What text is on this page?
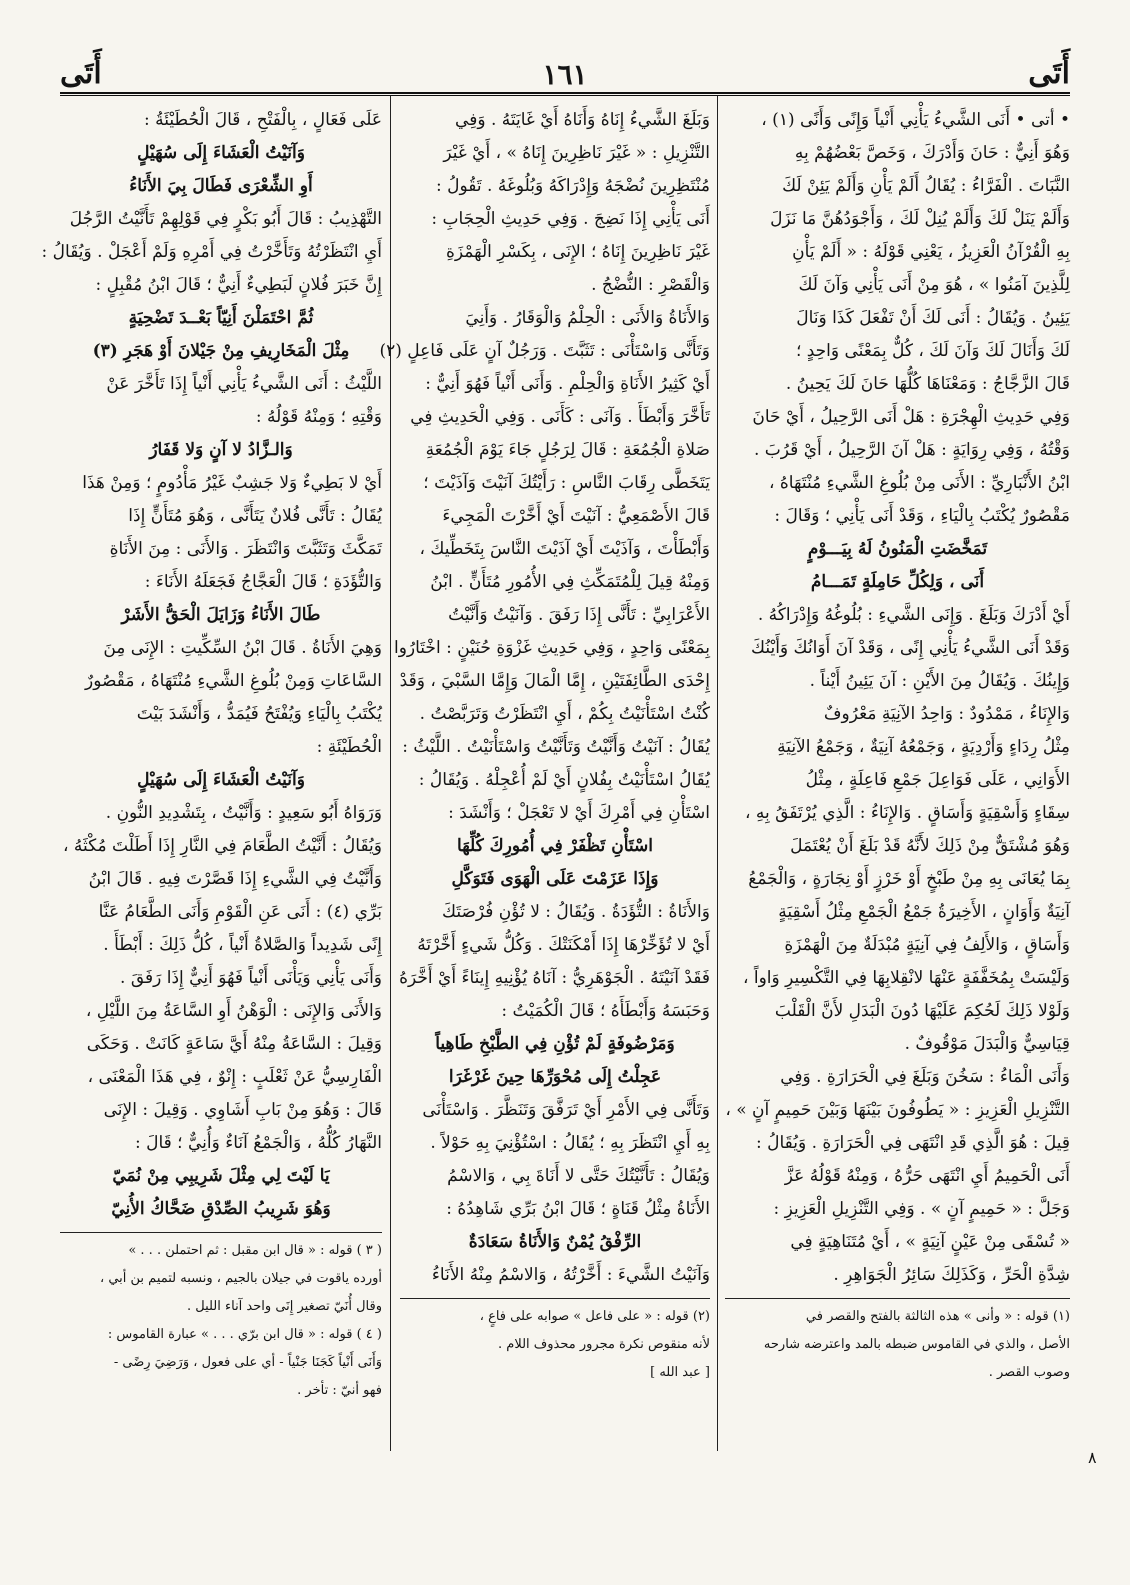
أَتَى
١٦١
أَتَى
• أتى • أَنَى الشَّيءُ يَأْنِي أَنْياً وَإِنًى وَأَنًى (١) ،
وَهُوَ أَنِيٌّ : حَانَ وَأَدْرَكَ ، وَخَصَّ بَعْضُهُمْ بِهِ
النَّبَاتَ . الْفَرَّاءُ : يُقَالُ أَلَمْ يَأْنِ وَأَلَمْ يَئِنْ لَكَ
وَأَلَمْ يَنَلْ لَكَ وَأَلَمْ يُنِلْ لَكَ ، وَأَجْوَدُهُنَّ مَا نَزَلَ
بِهِ الْقُرْآنُ الْعَزِيزُ ، يَعْنِي قَوْلَهُ : « أَلَمْ يَأْنِ
لِلَّذِينَ آمَنُوا » ، هُوَ مِنْ أَنَى يَأْنِي وَآنَ لَكَ
يَئِينُ . وَيُقَالُ : أَنَى لَكَ أَنْ تَفْعَلَ كَذَا وَنَالَ
لَكَ وَأَنَالَ لَكَ وَآنَ لَكَ ، كُلٌّ بِمَعْنًى وَاحِدٍ ؛
قَالَ الزَّجَّاجُ : وَمَعْنَاهَا كُلُّهَا حَانَ لَكَ يَحِينُ .
وَفِي حَدِيثِ الْهِجْرَةِ : هَلْ أَنَى الرَّحِيلُ ، أَيْ حَانَ
وَقْتُهُ ، وَفِي رِوَايَةٍ : هَلْ آنَ الرَّحِيلُ ، أَيْ قَرُبَ .
ابْنُ الأَنْبَارِيِّ : الأَنَى مِنْ بُلُوغِ الشَّيءِ مُنْتَهَاهُ ،
مَقْصُورٌ يُكْتَبُ بِالْيَاءِ ، وَقَدْ أَنَى يَأْنِي ؛ وَقَالَ :
تَمَخَّضَتِ الْمَنُونُ لَهُ بِيَـــوْمٍ
أَنَى ، وَلِكُلِّ حَامِلَةٍ تَمَـــامُ
أَيْ أَدْرَكَ وَبَلَغَ . وَإِنَى الشَّيءِ : بُلُوغُهُ وَإِدْرَاكُهُ .
وَقَدْ أَنَى الشَّيءُ يَأْنِي إِنًى ، وَقَدْ آنَ أَوَانُكَ وَأَيْنُكَ
وَإِينُكَ . وَيُقَالُ مِنَ الأَيْنِ : آنَ يَئِينُ أَيْناً .
وَالإِنَاءُ ، مَمْدُودٌ : وَاحِدُ الآنِيَةِ مَعْرُوفٌ
مِثْلُ رِدَاءٍ وَأَرْدِيَةٍ ، وَجَمْعُهُ آنِيَةٌ ، وَجَمْعُ الآنِيَةِ
الأَوَانِي ، عَلَى فَوَاعِلَ جَمْعِ فَاعِلَةٍ ، مِثْلُ
سِقَاءٍ وَأَسْقِيَةٍ وَأَسَاقٍ . وَالإِنَاءُ : الَّذِي يُرْتَفَقُ بِهِ ،
وَهُوَ مُشْتَقٌّ مِنْ ذَلِكَ لأَنَّهُ قَدْ بَلَغَ أَنْ يُعْتَمَلَ
بِمَا يُعَانَى بِهِ مِنْ طَبْخٍ أَوْ خَرْزٍ أَوْ نِجَارَةٍ ، وَالْجَمْعُ
آنِيَةٌ وَأَوَانٍ ، الأَخِيرَةُ جَمْعُ الْجَمْعِ مِثْلُ أَسْقِيَةٍ
وَأَسَاقٍ ، وَالأَلِفُ فِي آنِيَةٍ مُبْدَلَةٌ مِنَ الْهَمْزَةِ
وَلَيْسَتْ بِمُخَفَّفَةٍ عَنْهَا لانْقِلابِهَا فِي التَّكْسِيرِ وَاواً ،
وَلَوْلا ذَلِكَ لَحُكِمَ عَلَيْهَا دُونَ الْبَدَلِ لأَنَّ الْقَلْبَ
قِيَاسِيٌّ وَالْبَدَلَ مَوْقُوفٌ .
وَأَنَى الْمَاءُ : سَخُنَ وَبَلَغَ فِي الْحَرَارَةِ . وَفِي
التَّنْزِيلِ الْعَزِيزِ : « يَطُوفُونَ بَيْنَهَا وَبَيْنَ حَمِيمٍ آنٍ » ،
قِيلَ : هُوَ الَّذِي قَدِ انْتَهَى فِي الْحَرَارَةِ . وَيُقَالُ :
أَنَى الْحَمِيمُ أَيِ انْتَهَى حَرُّهُ ، وَمِنْهُ قَوْلُهُ عَزَّ
وَجَلَّ : « حَمِيمٍ آنٍ » . وَفِي التَّنْزِيلِ الْعَزِيزِ :
« تُسْقَى مِنْ عَيْنٍ آنِيَةٍ » ، أَيْ مُتَنَاهِيَةٍ فِي
شِدَّةِ الْحَرِّ ، وَكَذَلِكَ سَائِرُ الْجَوَاهِرِ .
(١) قوله : « وأنى » هذه الثالثة بالفتح والقصر في
الأصل ، والذي في القاموس ضبطه بالمد واعترضه شارحه
وصوب القصر .
وَبَلَغَ الشَّيءُ إِنَاهُ وَأَنَاهُ أَيْ غَايَتَهُ . وَفِي
التَّنْزِيلِ : « غَيْرَ نَاظِرِينَ إِنَاهُ » ، أَيْ غَيْرَ
مُنْتَظِرِينَ نُضْجَهُ وَإِدْرَاكَهُ وَبُلُوغَهُ . تَقُولُ :
أَنَى يَأْنِي إِذَا نَضِجَ . وَفِي حَدِيثِ الْحِجَابِ :
غَيْرَ نَاظِرِينَ إِنَاهُ ؛ الإِنَى ، بِكَسْرِ الْهَمْزَةِ
وَالْقَصْرِ : النُّضْجُ .
وَالأَنَاةُ وَالأَنَى : الْحِلْمُ وَالْوَقَارُ . وَأَنِيَ
وَتَأَنَّى وَاسْتَأْنَى : تَثَبَّتَ . وَرَجُلٌ آنٍ عَلَى فَاعِلٍ (٢)
أَيْ كَثِيرُ الأَنَاةِ وَالْحِلْمِ . وَأَنَى أَنْياً فَهُوَ أَنِيٌّ :
تَأَخَّرَ وَأَبْطَأَ . وَآنَى : كَأَنَى . وَفِي الْحَدِيثِ فِي
صَلاةِ الْجُمُعَةِ : قَالَ لِرَجُلٍ جَاءَ يَوْمَ الْجُمُعَةِ
يَتَخَطَّى رِقَابَ النَّاسِ : رَأَيْتُكَ آنَيْتَ وَآذَيْتَ ؛
قَالَ الأَصْمَعِيُّ : آنَيْتَ أَيْ أَخَّرْتَ الْمَجِيءَ
وَأَبْطَأْتَ ، وَآذَيْتَ أَيْ آذَيْتَ النَّاسَ بِتَخَطِّيكَ ،
وَمِنْهُ قِيلَ لِلْمُتَمَكِّثِ فِي الأُمُورِ مُتَأَنٍّ . ابْنُ
الأَعْرَابِيِّ : تَأَنَّى إِذَا رَفَقَ . وَآنَيْتُ وَأَنَّيْتُ
بِمَعْنًى وَاحِدٍ ، وَفِي حَدِيثِ غَزْوَةِ حُنَيْنٍ : اخْتَارُوا
إِحْدَى الطَّائِفَتَيْنِ ، إِمَّا الْمَالَ وَإِمَّا السَّبْيَ ، وَقَدْ
كُنْتُ اسْتَأْنَيْتُ بِكُمْ ، أَيِ انْتَظَرْتُ وَتَرَبَّصْتُ .
يُقَالُ : آنَيْتُ وَأَنَّيْتُ وَتَأَنَّيْتُ وَاسْتَأْنَيْتُ . اللَّيْثُ :
يُقَالُ اسْتَأْنَيْتُ بِفُلانٍ أَيْ لَمْ أُعْجِلْهُ . وَيُقَالُ :
اسْتَأْنِ فِي أَمْرِكَ أَيْ لا تَعْجَلْ ؛ وَأَنْشَدَ :
اسْتَأْنِ تَظْفَرْ فِي أُمُورِكَ كُلِّهَا
وَإِذَا عَزَمْتَ عَلَى الْهَوَى فَتَوَكَّلِ
وَالأَنَاةُ : التُّؤَدَةُ . وَيُقَالُ : لا تُؤْنِ فُرْصَتَكَ
أَيْ لا تُؤَخِّرْهَا إِذَا أَمْكَنَتْكَ . وَكُلُّ شَيءٍ أَخَّرْتَهُ
فَقَدْ آنَيْتَهُ . الْجَوْهَرِيُّ : آنَاهُ يُؤْنِيهِ إِينَاءً أَيْ أَخَّرَهُ
وَحَبَسَهُ وَأَبْطَأَهُ ؛ قَالَ الْكُمَيْتُ :
وَمَرْضُوفَةٍ لَمْ تُؤْنِ فِي الطَّبْخِ طَاهِياً
عَجِلْتُ إِلَى مُحْوَرِّهَا حِينَ غَرْغَرَا
وَتَأَنَّى فِي الأَمْرِ أَيْ تَرَفَّقَ وَتَنَظَّرَ . وَاسْتَأْنَى
بِهِ أَيِ انْتَظَرَ بِهِ ؛ يُقَالُ : اسْتُؤْنِيَ بِهِ حَوْلاً .
وَيُقَالُ : تَأَنَّيْتُكَ حَتَّى لا أَنَاةَ بِي ، وَالاسْمُ
الأَنَاةُ مِثْلُ قَنَاةٍ ؛ قَالَ ابْنُ بَرِّي شَاهِدُهُ :
الرِّفْقُ يُمْنٌ وَالأَنَاةُ سَعَادَةٌ
وَآنَيْتُ الشَّيءَ : أَخَّرْتُهُ ، وَالاسْمُ مِنْهُ الأَنَاءُ
(٢) قوله : « على فاعل » صوابه على فاعٍ ،
لأنه منقوص نكرة مجرور محذوف اللام .
[ عبد الله ]
عَلَى فَعَالٍ ، بِالْفَتْحِ ، قَالَ الْحُطَيْئَةُ :
وَآنَيْتُ الْعَشَاءَ إِلَى سُهَيْلٍ
أَوِ الشِّعْرَى فَطَالَ بِيَ الأَنَاءُ
التَّهْذِيبُ : قَالَ أَبُو بَكْرٍ فِي قَوْلِهِمْ تَأَنَّيْتُ الرَّجُلَ
أَيِ انْتَظَرْتُهُ وَتَأَخَّرْتُ فِي أَمْرِهِ وَلَمْ أَعْجَلْ . وَيُقَالُ :
إِنَّ خَبَرَ فُلانٍ لَبَطِيءٌ أَنِيٌّ ؛ قَالَ ابْنُ مُقْبِلٍ :
ثُمَّ احْتَمَلْنَ أَنِيّاً بَعْــدَ تَضْحِيَةٍ
مِثْلَ الْمَخَارِيفِ مِنْ جَيْلانَ أَوْ هَجَرِ (٣)
اللَّيْثُ : أَنَى الشَّيءُ يَأْنِي أَنْياً إِذَا تَأَخَّرَ عَنْ
وَقْتِهِ ؛ وَمِنْهُ قَوْلُهُ :
وَالـزَّادُ لا آنٍ وَلا قَفَارُ
أَيْ لا بَطِيءٌ وَلا جَشِبٌ غَيْرُ مَأْدُومٍ ؛ وَمِنْ هَذَا
يُقَالُ : تَأَنَّى فُلانٌ يَتَأَنَّى ، وَهُوَ مُتَأَنٍّ إِذَا
تَمَكَّثَ وَتَثَبَّتَ وَانْتَظَرَ . وَالأَنَى : مِنَ الأَنَاةِ
وَالتُّؤَدَةِ ؛ قَالَ الْعَجَّاجُ فَجَعَلَهُ الأَنَاءَ :
طَالَ الأَنَاءُ وَزَايَلَ الْحَقُّ الأَشَرْ
وَهِيَ الأَنَاةُ . قَالَ ابْنُ السِّكِّيتِ : الإِنَى مِنَ
السَّاعَاتِ وَمِنْ بُلُوغِ الشَّيءِ مُنْتَهَاهُ ، مَقْصُورٌ
يُكْتَبُ بِالْيَاءِ وَيُفْتَحُ فَيُمَدُّ ، وَأَنْشَدَ بَيْتَ
الْحُطَيْئَةِ :
وَآنَيْتُ الْعَشَاءَ إِلَى سُهَيْلٍ
وَرَوَاهُ أَبُو سَعِيدٍ : وَأَنَّيْتُ ، بِتَشْدِيدِ النُّونِ .
وَيُقَالُ : أَنَّيْتُ الطَّعَامَ فِي النَّارِ إِذَا أَطَلْتَ مُكْثَهُ ،
وَأَنَّيْتُ فِي الشَّيءِ إِذَا قَصَّرْتَ فِيهِ . قَالَ ابْنُ
بَرِّي (٤) : أَنَى عَنِ الْقَوْمِ وَأَنَى الطَّعَامُ عَنَّا
إِنًى شَدِيداً وَالصَّلاةُ أَنْياً ، كُلُّ ذَلِكَ : أَبْطَأَ .
وَأَنَى يَأْنِي وَيَأْنَى أَنْياً فَهُوَ أَنِيٌّ إِذَا رَفَقَ .
وَالأَنَى وَالإِنَى : الْوَهْنُ أَوِ السَّاعَةُ مِنَ اللَّيْلِ ،
وَقِيلَ : السَّاعَةُ مِنْهُ أَيَّ سَاعَةٍ كَانَتْ . وَحَكَى
الْفَارِسِيُّ عَنْ ثَعْلَبٍ : إِنْوٌ ، فِي هَذَا الْمَعْنَى ،
قَالَ : وَهُوَ مِنْ بَابِ أَشَاوِي . وَقِيلَ : الإِنَى
النَّهَارُ كُلُّهُ ، وَالْجَمْعُ آنَاءٌ وَأُنِيٌّ ؛ قَالَ :
يَا لَيْتَ لِي مِثْلَ شَرِيبِي مِنْ نُمَيّ
وَهُوَ شَرِيبُ الصِّدْقِ ضَحَّاكُ الأُنِيّ
( ٣ ) قوله : « قال ابن مقبل : ثم احتملن . . . »
أورده ياقوت في جيلان بالجيم ، ونسبه لتميم بن أبي ،
وقال أُنَيّ تصغير إِنَى واحد آناء الليل .
( ٤ ) قوله : « قال ابن برّي . . . » عبارة القاموس :
وَأَنَى أَنْياً كَجَنَا جَنْياً - أي على فعول ، وَرَضِيَ رِضًى -
فهو أنيّ : تأخر .
٨
